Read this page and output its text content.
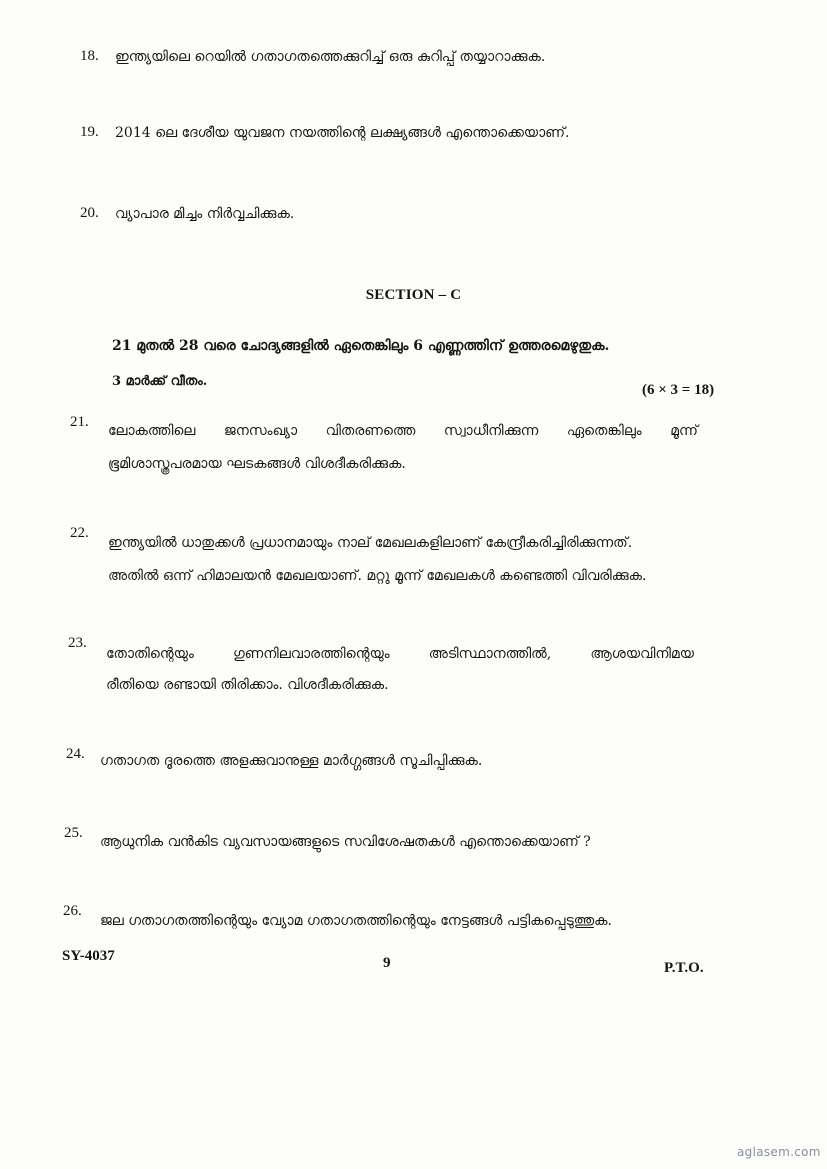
18. ഇന്ത്യയിലെ റെയിൽ ഗതാഗതത്തെക്കുറിച്ച് ഒരു കുറിപ്പ് തയ്യാറാക്കുക.
19. 2014 ലെ ദേശീയ യുവജന നയത്തിന്റെ ലക്ഷ്യങ്ങൾ എന്തൊക്കെയാണ്.
20. വ്യാപാര മിച്ചം നിർവ്വചിക്കുക.
SECTION – C
21 മുതൽ 28 വരെ ചോദ്യങ്ങളിൽ ഏതെങ്കിലും 6 എണ്ണത്തിന് ഉത്തരമെഴുതുക.
3 മാർക്ക് വീതം.
(6 × 3 = 18)
21.
ലോകത്തിലെ ജനസംഖ്യാ വിതരണത്തെ സ്വാധീനിക്കുന്ന ഏതെങ്കിലും മൂന്ന്
ഭൂമിശാസ്ത്രപരമായ ഘടകങ്ങൾ വിശദീകരിക്കുക.
22.
ഇന്ത്യയിൽ ധാതുക്കൾ പ്രധാനമായും നാല് മേഖലകളിലാണ് കേന്ദ്രീകരിച്ചിരിക്കുന്നത്.
അതിൽ ഒന്ന് ഹിമാലയൻ മേഖലയാണ്. മറ്റു മൂന്ന് മേഖലകൾ കണ്ടെത്തി വിവരിക്കുക.
23.
തോതിന്റെയും	ഗുണനിലവാരത്തിന്റെയും	അടിസ്ഥാനത്തിൽ,	ആശയവിനിമയ
രീതിയെ രണ്ടായി തിരിക്കാം. വിശദീകരിക്കുക.
24. ഗതാഗത ദൂരത്തെ അളക്കുവാനുള്ള മാർഗ്ഗങ്ങൾ സൂചിപ്പിക്കുക.
25.
ആധുനിക വൻകിട വ്യവസായങ്ങളുടെ സവിശേഷതകൾ എന്തൊക്കെയാണ് ?
26.
ജല ഗതാഗതത്തിന്റെയും വ്യോമ ഗതാഗതത്തിന്റെയും നേട്ടങ്ങൾ പട്ടികപ്പെടുത്തുക.
SY-4037	9	P.T.O.
aglasem.com
